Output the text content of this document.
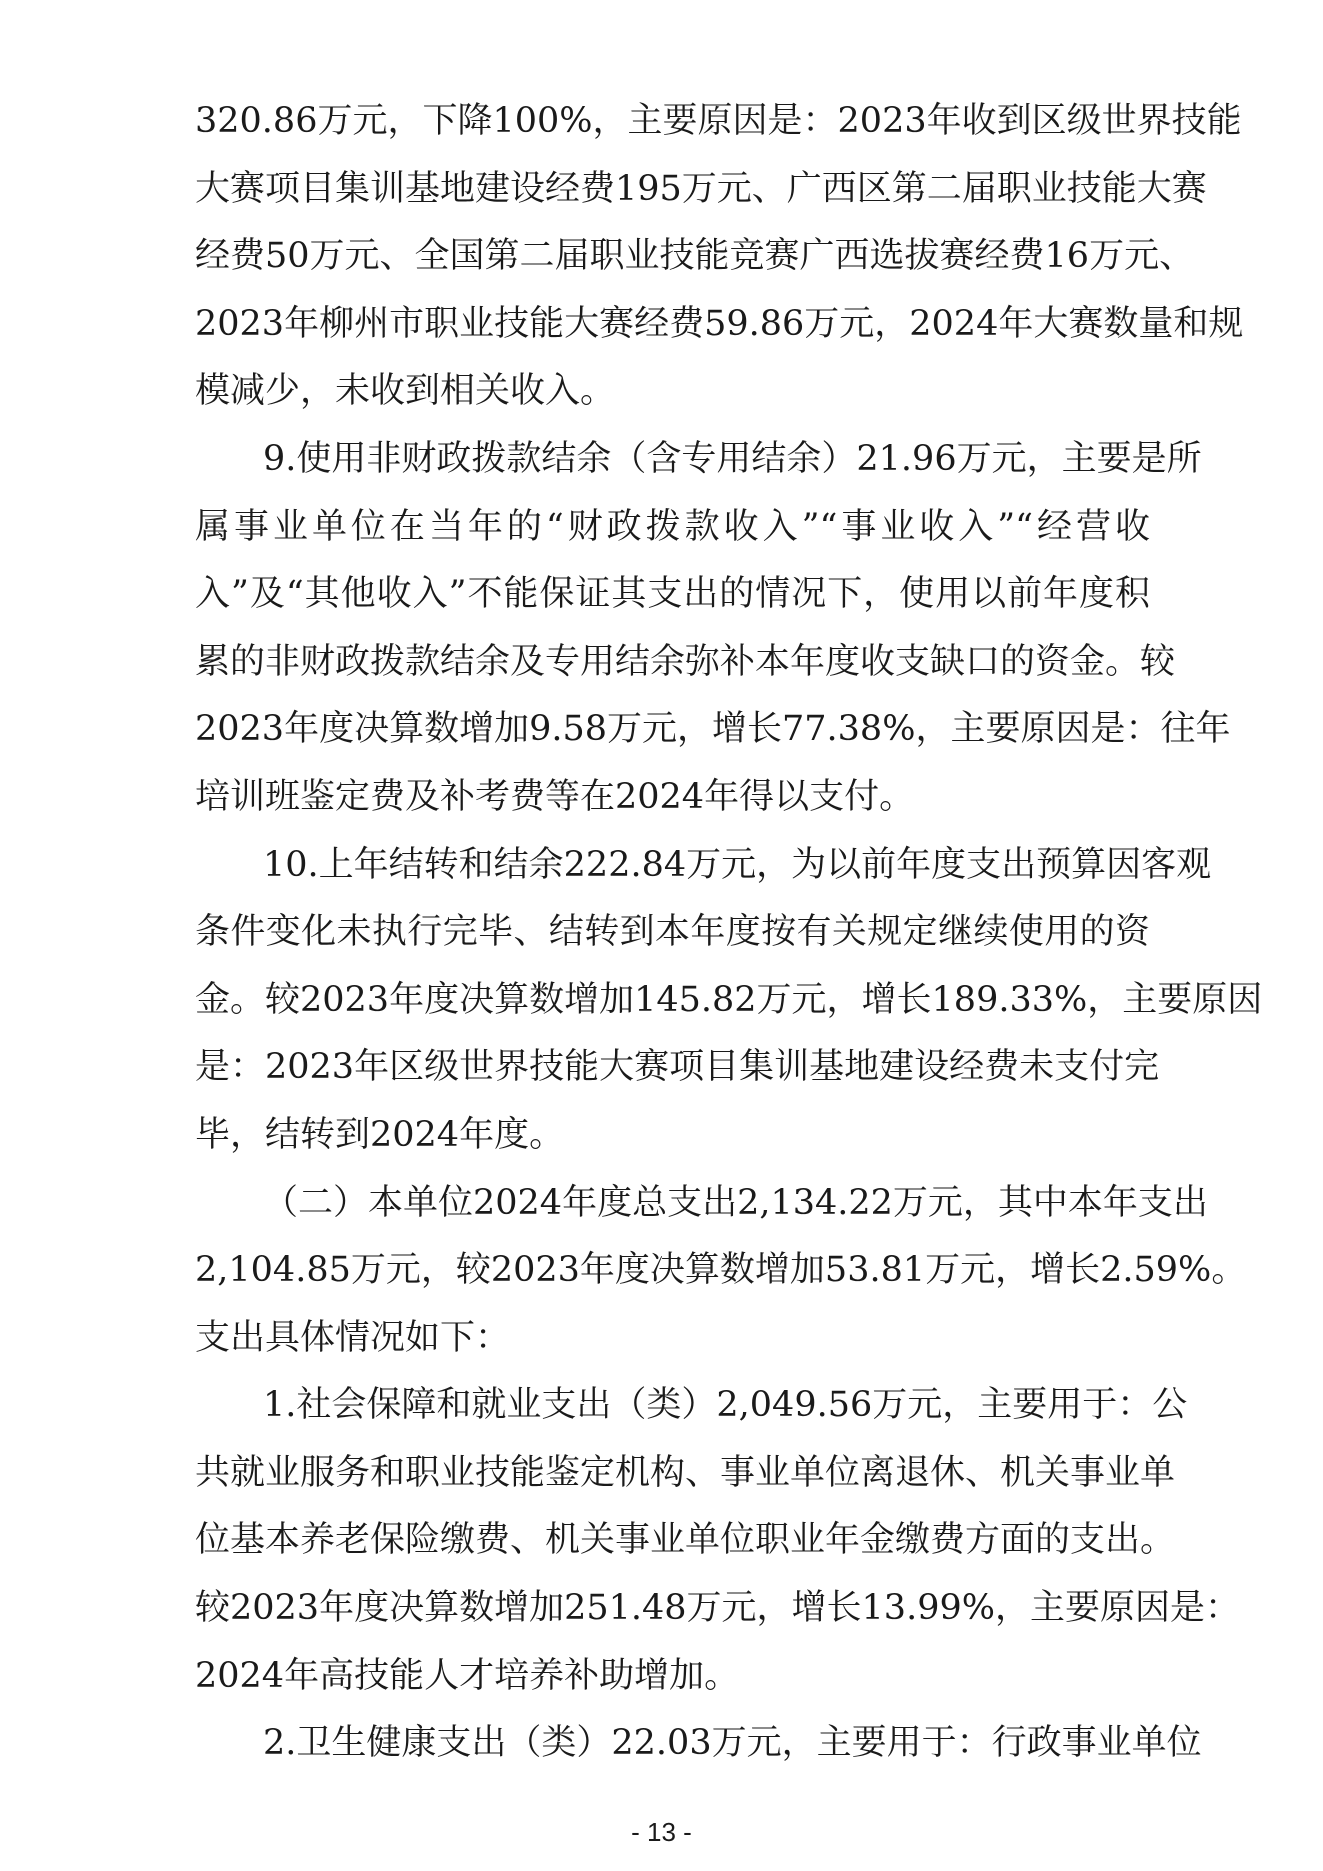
320.86万元，下降100%，主要原因是：2023年收到区级世界技能
大赛项目集训基地建设经费195万元、广西区第二届职业技能大赛
经费50万元、全国第二届职业技能竞赛广西选拔赛经费16万元、
2023年柳州市职业技能大赛经费59.86万元，2024年大赛数量和规
模减少，未收到相关收入。
9.使用非财政拨款结余（含专用结余）21.96万元，主要是所
属事业单位在当年的“财政拨款收入”“事业收入”“经营收
入”及“其他收入”不能保证其支出的情况下，使用以前年度积
累的非财政拨款结余及专用结余弥补本年度收支缺口的资金。较
2023年度决算数增加9.58万元，增长77.38%，主要原因是：往年
培训班鉴定费及补考费等在2024年得以支付。
10.上年结转和结余222.84万元，为以前年度支出预算因客观
条件变化未执行完毕、结转到本年度按有关规定继续使用的资
金。较2023年度决算数增加145.82万元，增长189.33%，主要原因
是：2023年区级世界技能大赛项目集训基地建设经费未支付完
毕，结转到2024年度。
（二）本单位2024年度总支出2,134.22万元，其中本年支出
2,104.85万元，较2023年度决算数增加53.81万元，增长2.59%。
支出具体情况如下：
1.社会保障和就业支出（类）2,049.56万元，主要用于：公
共就业服务和职业技能鉴定机构、事业单位离退休、机关事业单
位基本养老保险缴费、机关事业单位职业年金缴费方面的支出。
较2023年度决算数增加251.48万元，增长13.99%，主要原因是：
2024年高技能人才培养补助增加。
2.卫生健康支出（类）22.03万元，主要用于：行政事业单位
- 13 -
